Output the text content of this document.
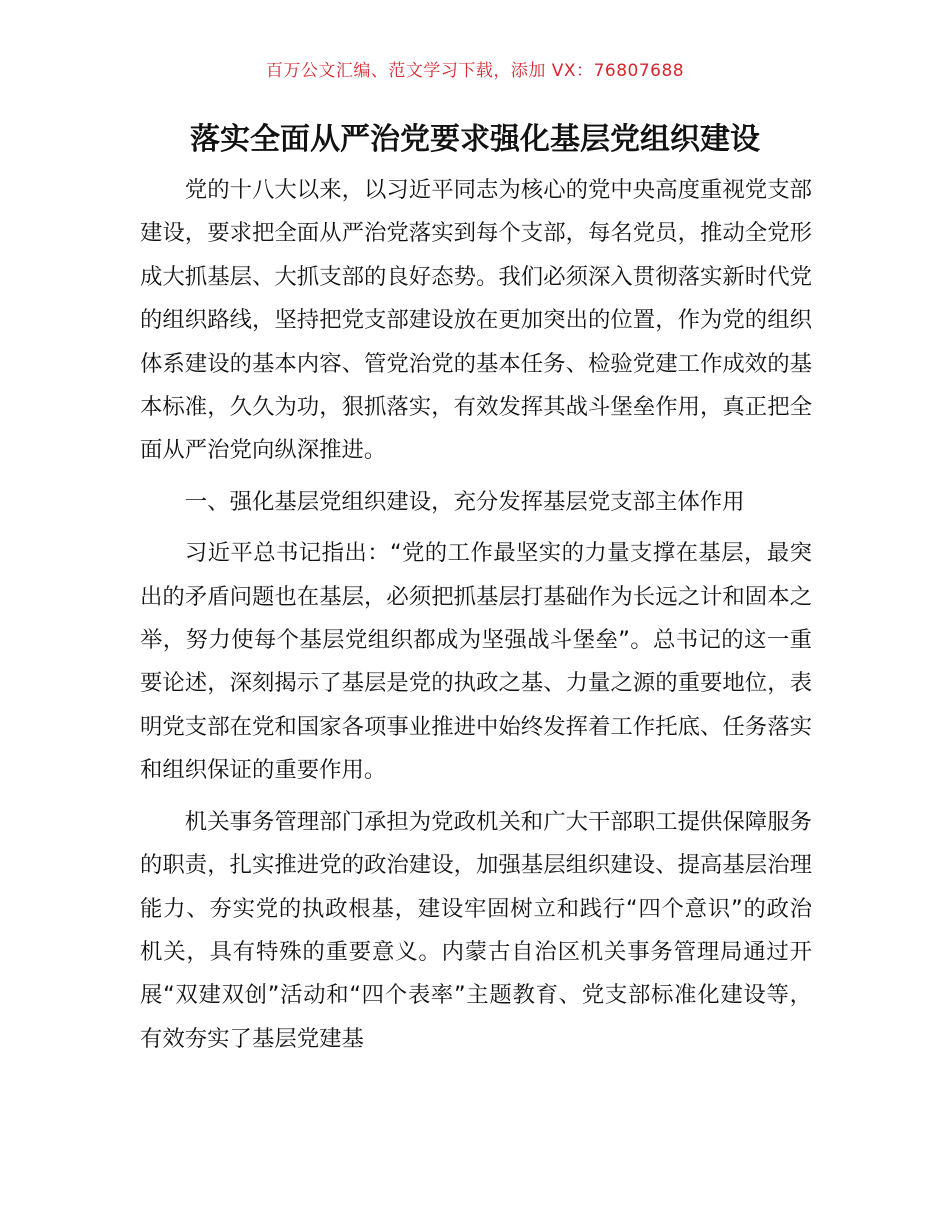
百万公文汇编、范文学习下载，添加 VX：76807688
落实全面从严治党要求强化基层党组织建设

党的十八大以来，以习近平同志为核心的党中央高度重视党支部建设，要求把全面从严治党落实到每个支部，每名党员，推动全党形成大抓基层、大抓支部的良好态势。我们必须深入贯彻落实新时代党的组织路线，坚持把党支部建设放在更加突出的位置，作为党的组织体系建设的基本内容、管党治党的基本任务、检验党建工作成效的基本标准，久久为功，狠抓落实，有效发挥其战斗堡垒作用，真正把全面从严治党向纵深推进。

一、强化基层党组织建设，充分发挥基层党支部主体作用

习近平总书记指出：“党的工作最坚实的力量支撑在基层，最突出的矛盾问题也在基层，必须把抓基层打基础作为长远之计和固本之举，努力使每个基层党组织都成为坚强战斗堡垒”。总书记的这一重要论述，深刻揭示了基层是党的执政之基、力量之源的重要地位，表明党支部在党和国家各项事业推进中始终发挥着工作托底、任务落实和组织保证的重要作用。

机关事务管理部门承担为党政机关和广大干部职工提供保障服务的职责，扎实推进党的政治建设，加强基层组织建设、提高基层治理能力、夯实党的执政根基，建设牢固树立和践行“四个意识”的政治机关，具有特殊的重要意义。内蒙古自治区机关事务管理局通过开展“双建双创”活动和“四个表率”主题教育、党支部标准化建设等，有效夯实了基层党建基
